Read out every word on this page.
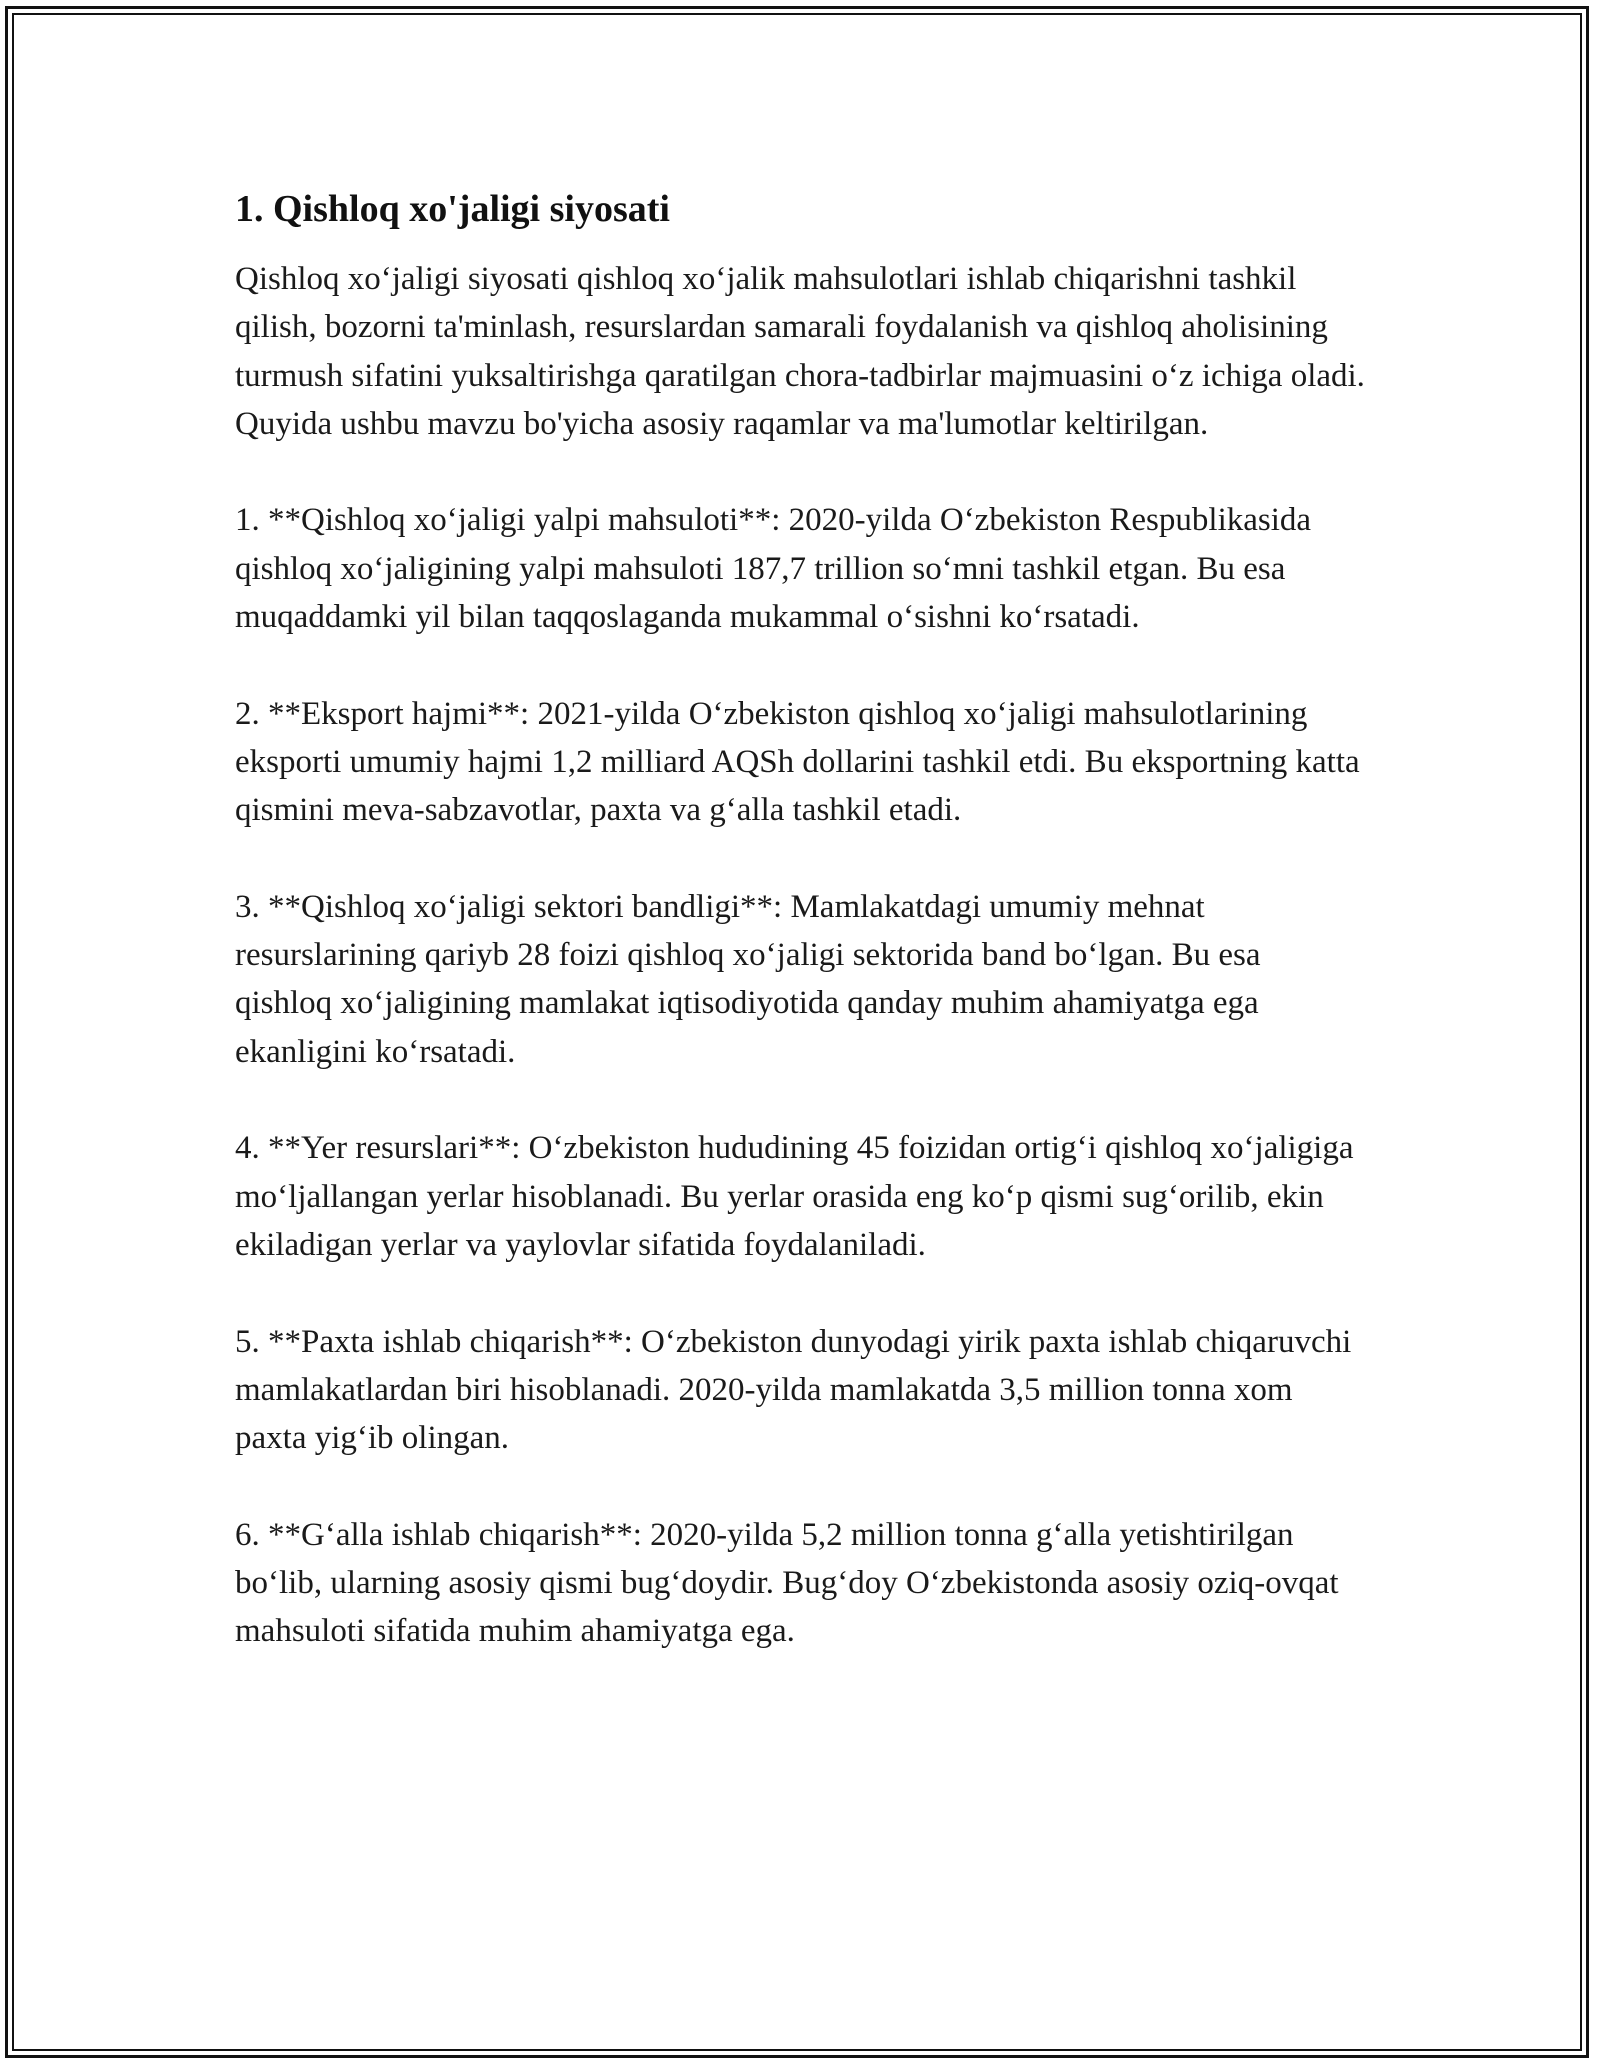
1. Qishloq xo'jaligi siyosati

Qishloq xoʻjaligi siyosati qishloq xoʻjalik mahsulotlari ishlab chiqarishni tashkil qilish, bozorni ta'minlash, resurslardan samarali foydalanish va qishloq aholisining turmush sifatini yuksaltirishga qaratilgan chora-tadbirlar majmuasini oʻz ichiga oladi. Quyida ushbu mavzu bo'yicha asosiy raqamlar va ma'lumotlar keltirilgan.

1. **Qishloq xoʻjaligi yalpi mahsuloti**: 2020-yilda Oʻzbekiston Respublikasida qishloq xoʻjaligining yalpi mahsuloti 187,7 trillion soʻmni tashkil etgan. Bu esa muqaddamki yil bilan taqqoslaganda mukammal oʻsishni koʻrsatadi.

2. **Eksport hajmi**: 2021-yilda Oʻzbekiston qishloq xoʻjaligi mahsulotlarining eksporti umumiy hajmi 1,2 milliard AQSh dollarini tashkil etdi. Bu eksportning katta qismini meva-sabzavotlar, paxta va gʻalla tashkil etadi.

3. **Qishloq xoʻjaligi sektori bandligi**: Mamlakatdagi umumiy mehnat resurslarining qariyb 28 foizi qishloq xoʻjaligi sektorida band boʻlgan. Bu esa qishloq xoʻjaligining mamlakat iqtisodiyotida qanday muhim ahamiyatga ega ekanligini koʻrsatadi.

4. **Yer resurslari**: Oʻzbekiston hududining 45 foizidan ortigʻi qishloq xoʻjaligiga moʻljallangan yerlar hisoblanadi. Bu yerlar orasida eng koʻp qismi sugʻorilib, ekin ekiladigan yerlar va yaylovlar sifatida foydalaniladi.

5. **Paxta ishlab chiqarish**: Oʻzbekiston dunyodagi yirik paxta ishlab chiqaruvchi mamlakatlardan biri hisoblanadi. 2020-yilda mamlakatda 3,5 million tonna xom paxta yigʻib olingan.

6. **Gʻalla ishlab chiqarish**: 2020-yilda 5,2 million tonna gʻalla yetishtirilgan boʻlib, ularning asosiy qismi bugʻdoydir. Bugʻdoy Oʻzbekistonda asosiy oziq-ovqat mahsuloti sifatida muhim ahamiyatga ega.
